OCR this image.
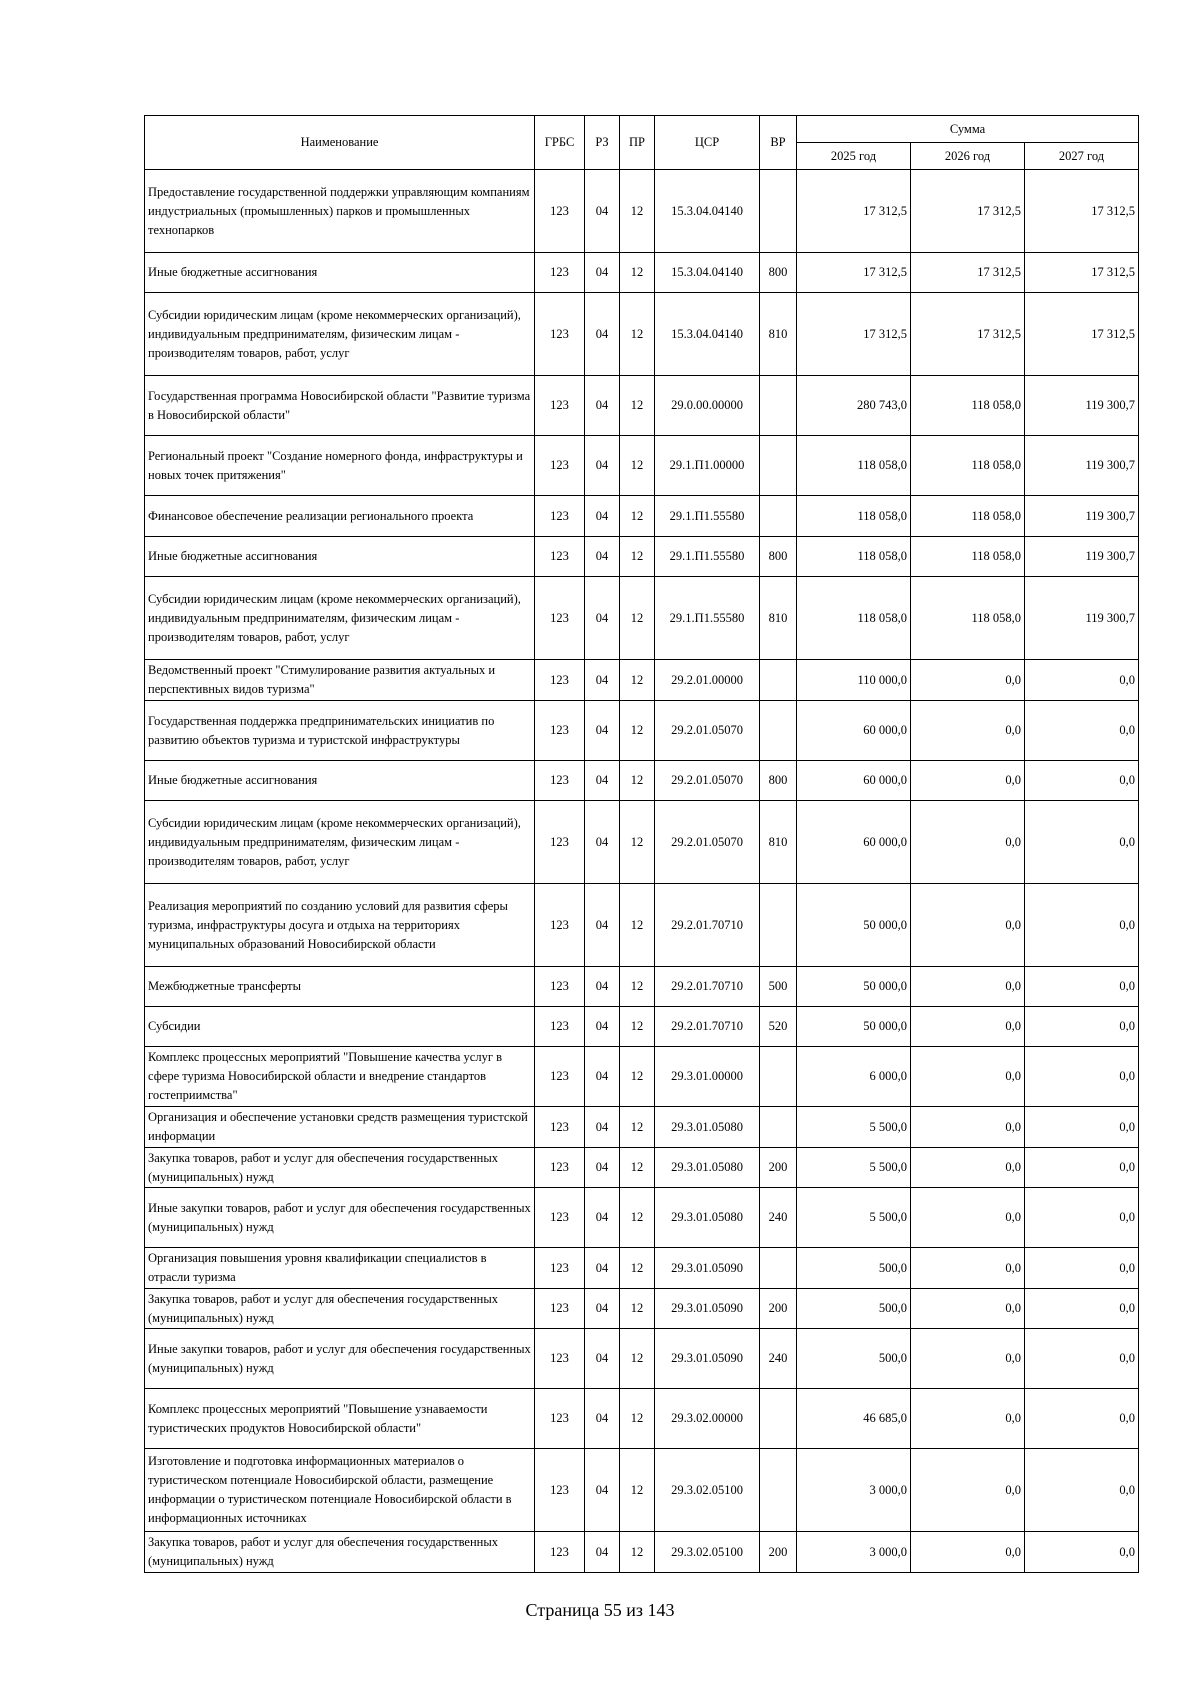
Наименование	ГРБС	РЗ	ПР	ЦСР	ВР	Сумма		
						2025 год	2026 год	2027 год
Предоставление государственной поддержки управляющим компаниям индустриальных (промышленных) парков и промышленных технопарков	123	04	12	15.3.04.04140		17 312,5	17 312,5	17 312,5
Иные бюджетные ассигнования	123	04	12	15.3.04.04140	800	17 312,5	17 312,5	17 312,5
Субсидии юридическим лицам (кроме некоммерческих организаций), индивидуальным предпринимателям, физическим лицам - производителям товаров, работ, услуг	123	04	12	15.3.04.04140	810	17 312,5	17 312,5	17 312,5
Государственная программа Новосибирской области "Развитие туризма в Новосибирской области"	123	04	12	29.0.00.00000		280 743,0	118 058,0	119 300,7
Региональный проект "Создание номерного фонда, инфраструктуры и новых точек притяжения"	123	04	12	29.1.П1.00000		118 058,0	118 058,0	119 300,7
Финансовое обеспечение реализации регионального проекта	123	04	12	29.1.П1.55580		118 058,0	118 058,0	119 300,7
Иные бюджетные ассигнования	123	04	12	29.1.П1.55580	800	118 058,0	118 058,0	119 300,7
Субсидии юридическим лицам (кроме некоммерческих организаций), индивидуальным предпринимателям, физическим лицам - производителям товаров, работ, услуг	123	04	12	29.1.П1.55580	810	118 058,0	118 058,0	119 300,7
Ведомственный проект "Стимулирование развития актуальных и перспективных видов туризма"	123	04	12	29.2.01.00000		110 000,0	0,0	0,0
Государственная поддержка предпринимательских инициатив по развитию объектов туризма и туристской инфраструктуры	123	04	12	29.2.01.05070		60 000,0	0,0	0,0
Иные бюджетные ассигнования	123	04	12	29.2.01.05070	800	60 000,0	0,0	0,0
Субсидии юридическим лицам (кроме некоммерческих организаций), индивидуальным предпринимателям, физическим лицам - производителям товаров, работ, услуг	123	04	12	29.2.01.05070	810	60 000,0	0,0	0,0
Реализация мероприятий по созданию условий для развития сферы туризма, инфраструктуры досуга и отдыха на территориях муниципальных образований Новосибирской области	123	04	12	29.2.01.70710		50 000,0	0,0	0,0
Межбюджетные трансферты	123	04	12	29.2.01.70710	500	50 000,0	0,0	0,0
Субсидии	123	04	12	29.2.01.70710	520	50 000,0	0,0	0,0
Комплекс процессных мероприятий "Повышение качества услуг в сфере туризма Новосибирской области и внедрение стандартов гостеприимства"	123	04	12	29.3.01.00000		6 000,0	0,0	0,0
Организация и обеспечение установки средств размещения туристской информации	123	04	12	29.3.01.05080		5 500,0	0,0	0,0
Закупка товаров, работ и услуг для обеспечения государственных (муниципальных) нужд	123	04	12	29.3.01.05080	200	5 500,0	0,0	0,0
Иные закупки товаров, работ и услуг для обеспечения государственных (муниципальных) нужд	123	04	12	29.3.01.05080	240	5 500,0	0,0	0,0
Организация повышения уровня квалификации специалистов в отрасли туризма	123	04	12	29.3.01.05090		500,0	0,0	0,0
Закупка товаров, работ и услуг для обеспечения государственных (муниципальных) нужд	123	04	12	29.3.01.05090	200	500,0	0,0	0,0
Иные закупки товаров, работ и услуг для обеспечения государственных (муниципальных) нужд	123	04	12	29.3.01.05090	240	500,0	0,0	0,0
Комплекс процессных мероприятий "Повышение узнаваемости туристических продуктов Новосибирской области"	123	04	12	29.3.02.00000		46 685,0	0,0	0,0
Изготовление и подготовка информационных материалов о туристическом потенциале Новосибирской области, размещение информации о туристическом потенциале Новосибирской области в информационных источниках	123	04	12	29.3.02.05100		3 000,0	0,0	0,0
Закупка товаров, работ и услуг для обеспечения государственных (муниципальных) нужд	123	04	12	29.3.02.05100	200	3 000,0	0,0	0,0
Страница 55 из 143
